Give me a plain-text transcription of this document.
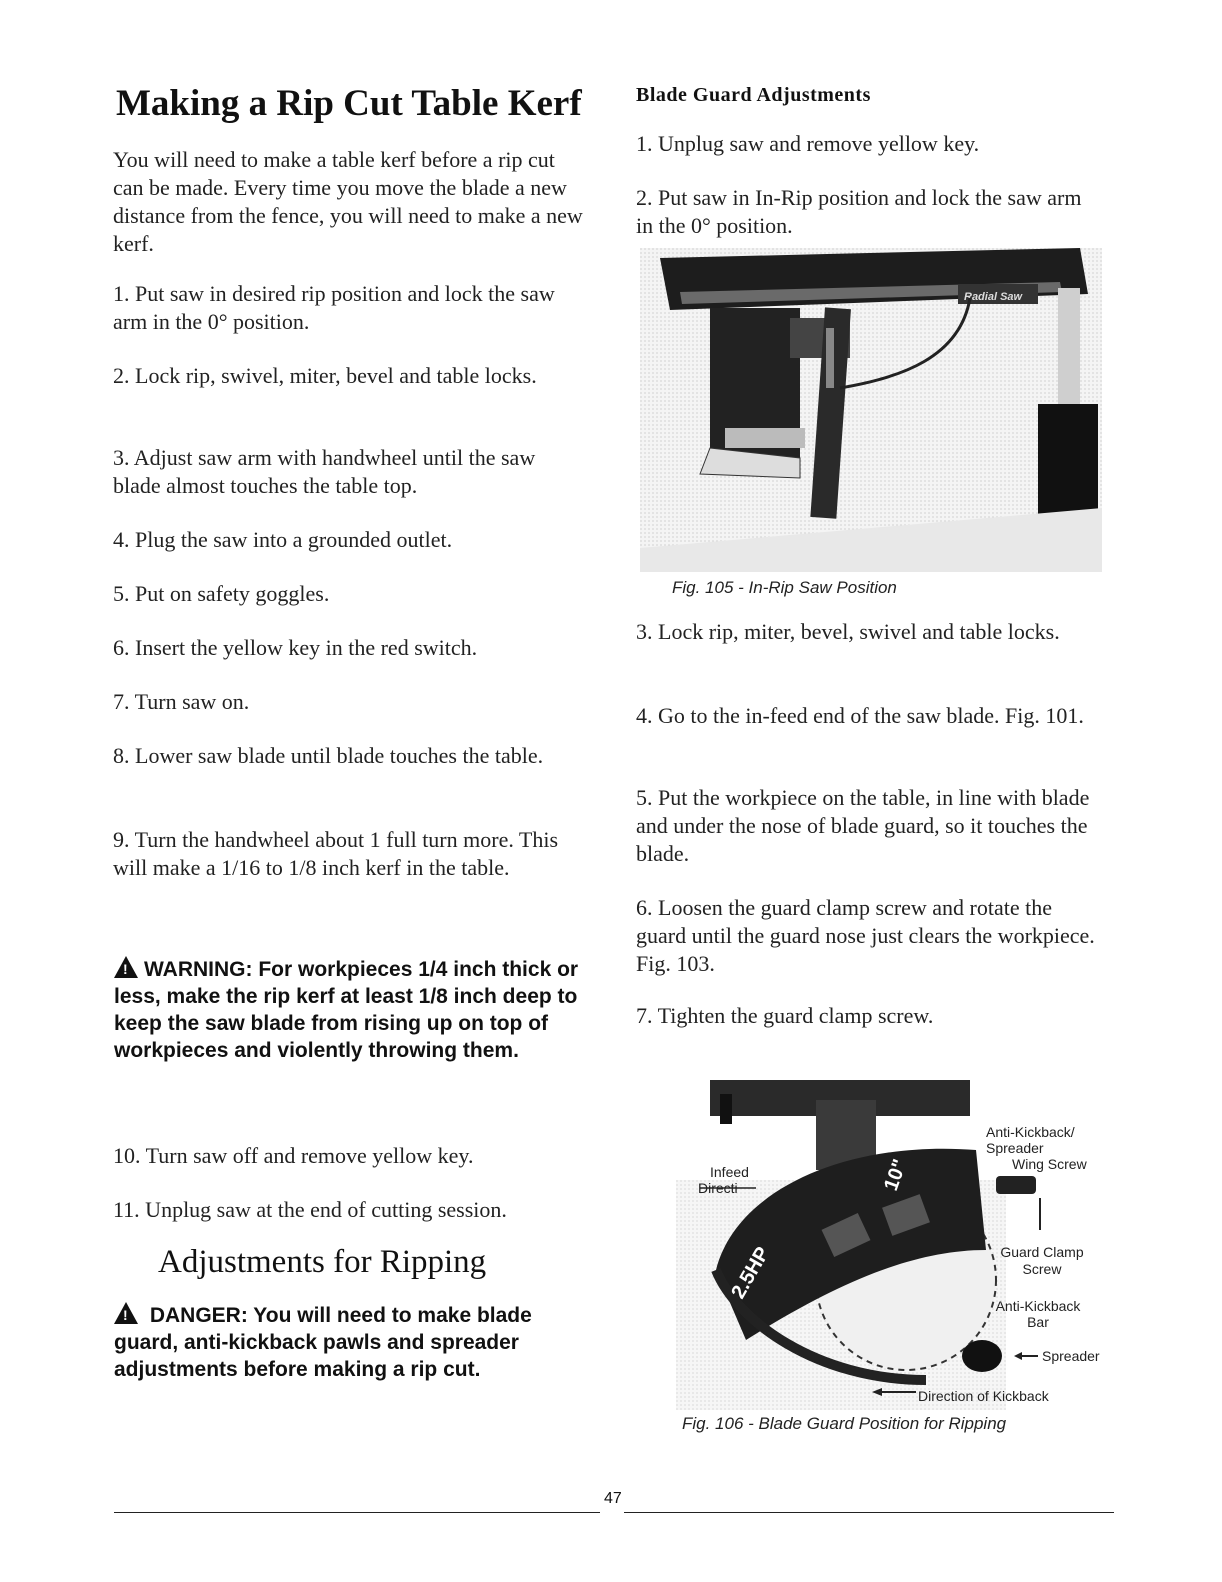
Making a Rip Cut Table Kerf

You will need to make a table kerf before a rip cut can be made. Every time you move the blade a new distance from the fence, you will need to make a new kerf.

1. Put saw in desired rip position and lock the saw arm in the 0° position.

2. Lock rip, swivel, miter, bevel and table locks.

3. Adjust saw arm with handwheel until the saw blade almost touches the table top.

4. Plug the saw into a grounded outlet.

5. Put on safety goggles.

6. Insert the yellow key in the red switch.

7. Turn saw on.

8. Lower saw blade until blade touches the table.

9. Turn the handwheel about 1 full turn more. This will make a 1/16 to 1/8 inch kerf in the table.

!WARNING: For workpieces 1/4 inch thick or less, make the rip kerf at least 1/8 inch deep to keep the saw blade from rising up on top of workpieces and violently throwing them.

10. Turn saw off and remove yellow key.

11. Unplug saw at the end of cutting session.

Adjustments for Ripping

! DANGER: You will need to make blade guard, anti-kickback pawls and spreader adjustments before making a rip cut.

Blade Guard Adjustments

1. Unplug saw and remove yellow key.

2. Put saw in In-Rip position and lock the saw arm in the 0° position.

Radial Saw

Fig. 105 - In-Rip Saw Position

3. Lock rip, miter, bevel, swivel and table locks.

4. Go to the in-feed end of the saw blade. Fig. 101.

5. Put the workpiece on the table, in line with blade and under the nose of blade guard, so it touches the blade.

6. Loosen the guard clamp screw and rotate the guard until the guard nose just clears the workpiece. Fig. 103.

7. Tighten the guard clamp screw.

2.5HP
10"
Infeed
Directi
Anti-Kickback/
Spreader
Wing Screw
Guard Clamp
Screw
Anti-Kickback
Bar
Spreader
Direction of Kickback

Fig. 106 - Blade Guard Position for Ripping

47
